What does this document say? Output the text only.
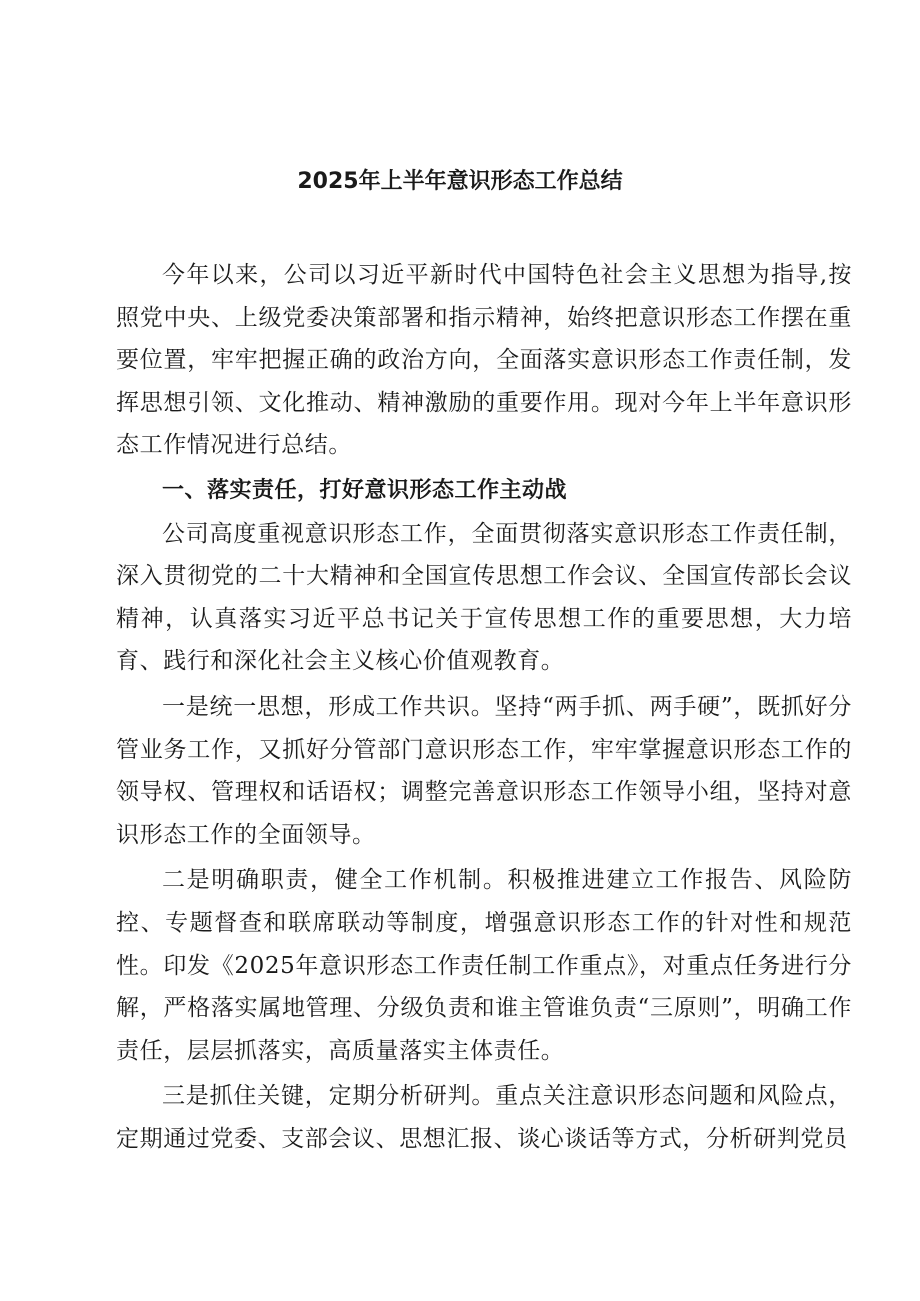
2025年上半年意识形态工作总结

今年以来，公司以习近平新时代中国特色社会主义思想为指导,按照党中央、上级党委决策部署和指示精神，始终把意识形态工作摆在重要位置，牢牢把握正确的政治方向，全面落实意识形态工作责任制，发挥思想引领、文化推动、精神激励的重要作用。现对今年上半年意识形态工作情况进行总结。

一、落实责任，打好意识形态工作主动战

公司高度重视意识形态工作，全面贯彻落实意识形态工作责任制，深入贯彻党的二十大精神和全国宣传思想工作会议、全国宣传部长会议精神，认真落实习近平总书记关于宣传思想工作的重要思想，大力培育、践行和深化社会主义核心价值观教育。

一是统一思想，形成工作共识。坚持“两手抓、两手硬”，既抓好分管业务工作，又抓好分管部门意识形态工作，牢牢掌握意识形态工作的领导权、管理权和话语权；调整完善意识形态工作领导小组，坚持对意识形态工作的全面领导。

二是明确职责，健全工作机制。积极推进建立工作报告、风险防控、专题督查和联席联动等制度，增强意识形态工作的针对性和规范性。印发《2025年意识形态工作责任制工作重点》，对重点任务进行分解，严格落实属地管理、分级负责和谁主管谁负责“三原则”，明确工作责任，层层抓落实，高质量落实主体责任。

三是抓住关键，定期分析研判。重点关注意识形态问题和风险点，定期通过党委、支部会议、思想汇报、谈心谈话等方式，分析研判党员
